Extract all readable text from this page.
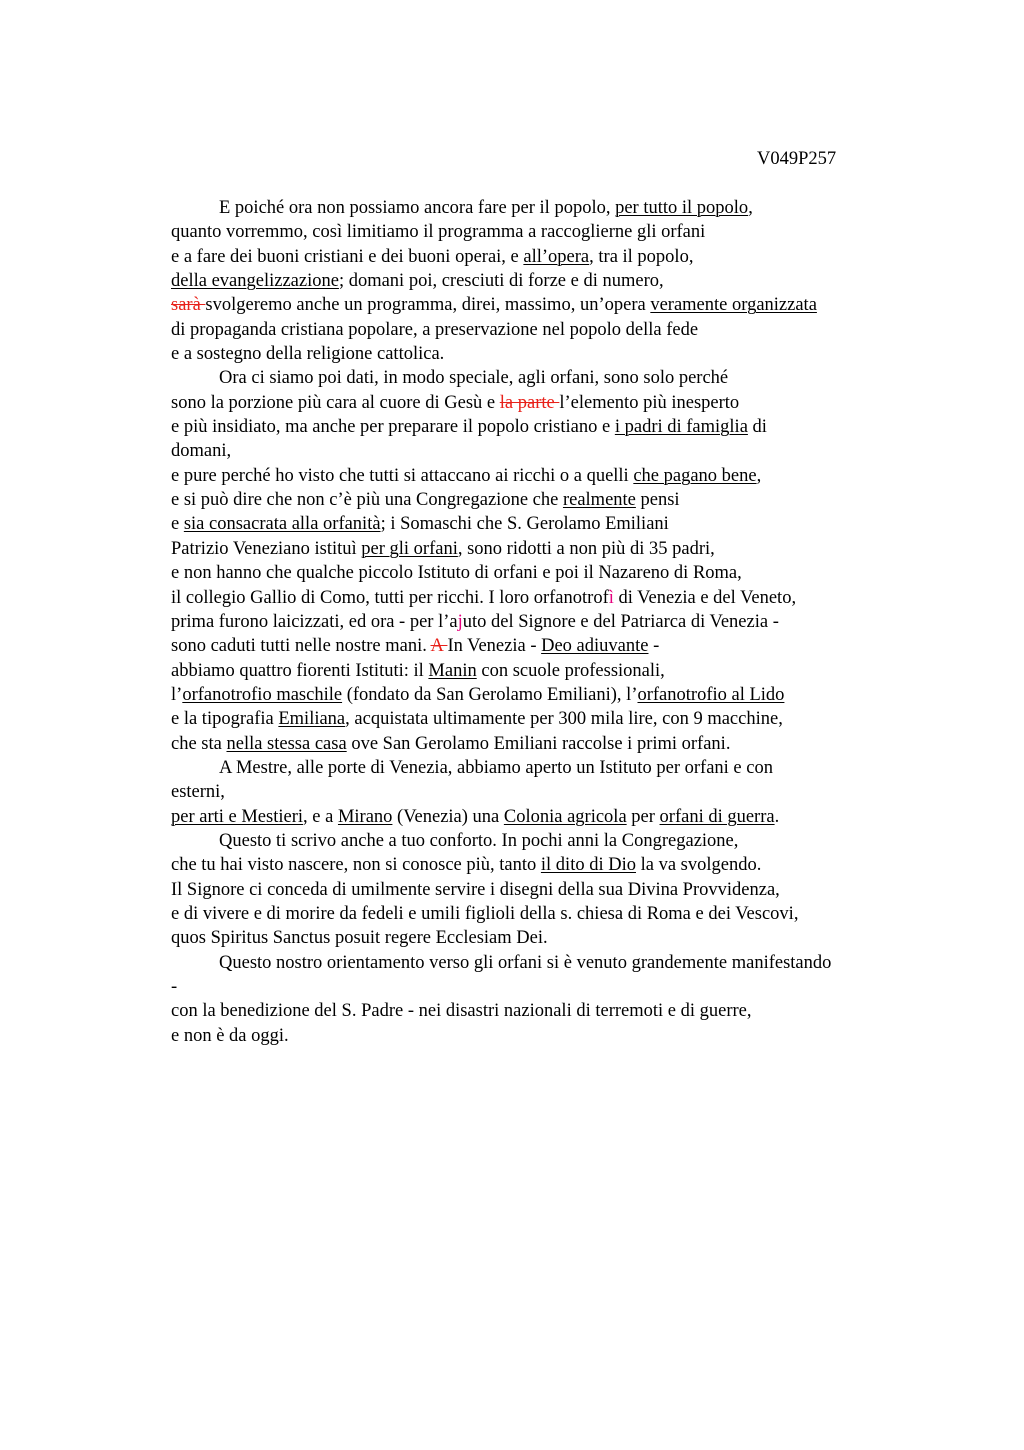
V049P257
E poiché ora non possiamo ancora fare per il popolo, per tutto il popolo,
quanto vorremmo, così limitiamo il programma a raccoglierne gli orfani
e a fare dei buoni cristiani e dei buoni operai, e all’opera, tra il popolo,
della evangelizzazione; domani poi, cresciuti di forze e di numero,
sarà svolgeremo anche un programma, direi, massimo, un’opera veramente organizzata
di propaganda cristiana popolare, a preservazione nel popolo della fede
e a sostegno della religione cattolica.
Ora ci siamo poi dati, in modo speciale, agli orfani, sono solo perché
sono la porzione più cara al cuore di Gesù e la parte l’elemento più inesperto
e più insidiato, ma anche per preparare il popolo cristiano e i padri di famiglia di
domani,
e pure perché ho visto che tutti si attaccano ai ricchi o a quelli che pagano bene,
e si può dire che non c’è più una Congregazione che realmente pensi
e sia consacrata alla orfanità; i Somaschi che S. Gerolamo Emiliani
Patrizio Veneziano istituì per gli orfani, sono ridotti a non più di 35 padri,
e non hanno che qualche piccolo Istituto di orfani e poi il Nazareno di Roma,
il collegio Gallio di Como, tutti per ricchi. I loro orfanotrofì di Venezia e del Veneto,
prima furono laicizzati, ed ora - per l’ajuto del Signore e del Patriarca di Venezia -
sono caduti tutti nelle nostre mani. A In Venezia - Deo adiuvante -
abbiamo quattro fiorenti Istituti: il Manin con scuole professionali,
l’orfanotrofio maschile (fondato da San Gerolamo Emiliani), l’orfanotrofio al Lido
e la tipografia Emiliana, acquistata ultimamente per 300 mila lire, con 9 macchine,
che sta nella stessa casa ove San Gerolamo Emiliani raccolse i primi orfani.
A Mestre, alle porte di Venezia, abbiamo aperto un Istituto per orfani e con
esterni,
per arti e Mestieri, e a Mirano (Venezia) una Colonia agricola per orfani di guerra.
Questo ti scrivo anche a tuo conforto. In pochi anni la Congregazione,
che tu hai visto nascere, non si conosce più, tanto il dito di Dio la va svolgendo.
Il Signore ci conceda di umilmente servire i disegni della sua Divina Provvidenza,
e di vivere e di morire da fedeli e umili figlioli della s. chiesa di Roma e dei Vescovi,
quos Spiritus Sanctus posuit regere Ecclesiam Dei.
Questo nostro orientamento verso gli orfani si è venuto grandemente manifestando
-
con la benedizione del S. Padre - nei disastri nazionali di terremoti e di guerre,
e non è da oggi.
